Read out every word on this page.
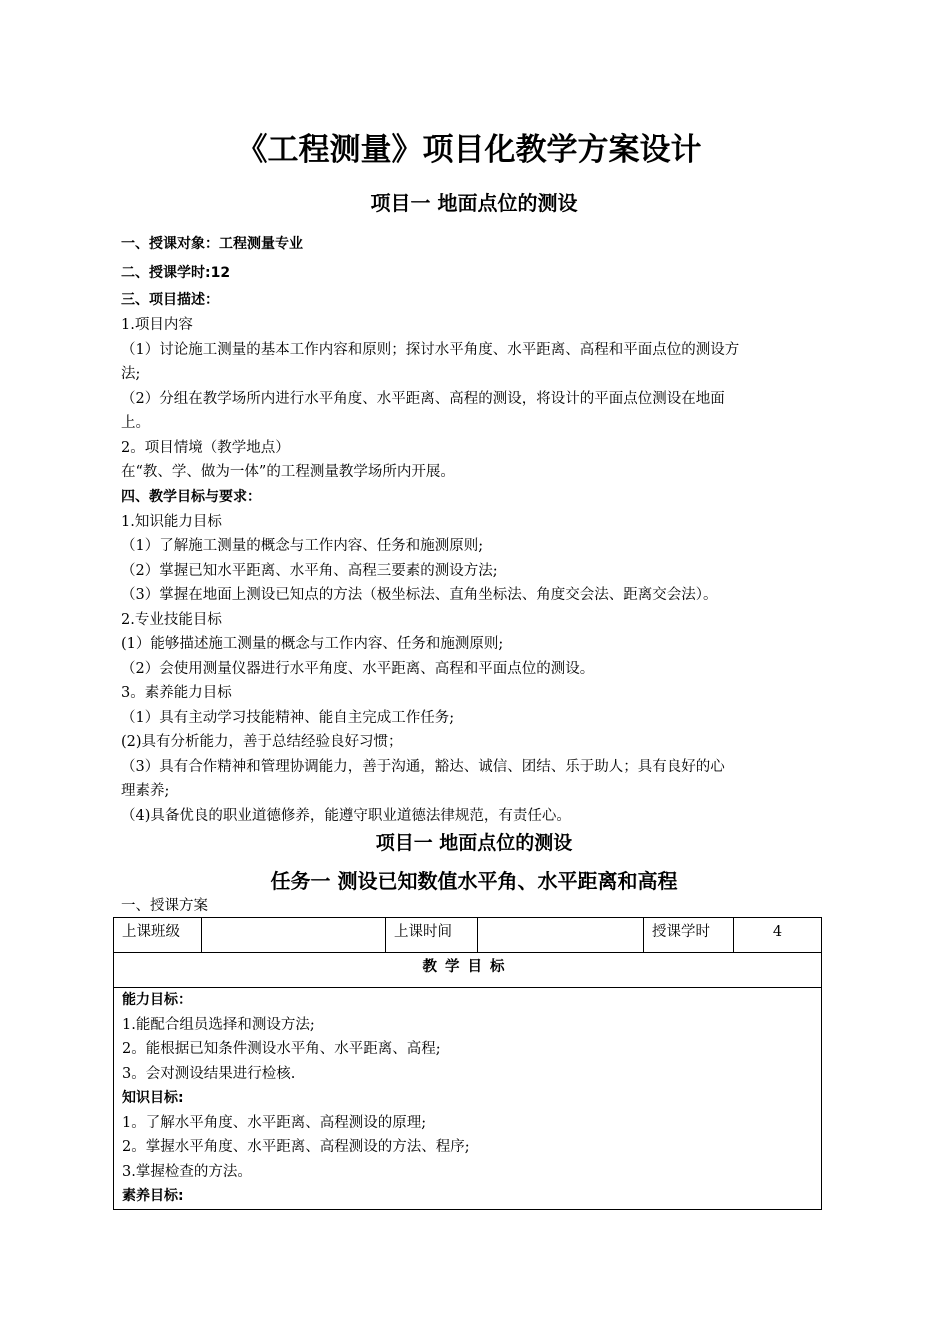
《工程测量》项目化教学方案设计
项目一 地面点位的测设
一、授课对象：工程测量专业
二、授课学时:12
三、项目描述：
1.项目内容
（1）讨论施工测量的基本工作内容和原则；探讨水平角度、水平距离、高程和平面点位的测设方
法;
（2）分组在教学场所内进行水平角度、水平距离、高程的测设，将设计的平面点位测设在地面
上。
2。项目情境（教学地点）
在“教、学、做为一体”的工程测量教学场所内开展。
四、教学目标与要求：
1.知识能力目标
（1）了解施工测量的概念与工作内容、任务和施测原则;
（2）掌握已知水平距离、水平角、高程三要素的测设方法;
（3）掌握在地面上测设已知点的方法（极坐标法、直角坐标法、角度交会法、距离交会法）。
2.专业技能目标
(1）能够描述施工测量的概念与工作内容、任务和施测原则;
（2）会使用测量仪器进行水平角度、水平距离、高程和平面点位的测设。
3。素养能力目标
（1）具有主动学习技能精神、能自主完成工作任务;
(2)具有分析能力，善于总结经验良好习惯；
（3）具有合作精神和管理协调能力，善于沟通，豁达、诚信、团结、乐于助人；具有良好的心
理素养;
（4)具备优良的职业道德修养，能遵守职业道德法律规范，有责任心。
项目一 地面点位的测设
任务一 测设已知数值水平角、水平距离和高程
一、授课方案
上课班级		上课时间		授课学时	4
教学目标

能力目标：
1.能配合组员选择和测设方法;
2。能根据已知条件测设水平角、水平距离、高程;
3。会对测设结果进行检核.
知识目标:
1。了解水平角度、水平距离、高程测设的原理;
2。掌握水平角度、水平距离、高程测设的方法、程序;
3.掌握检查的方法。
素养目标:
